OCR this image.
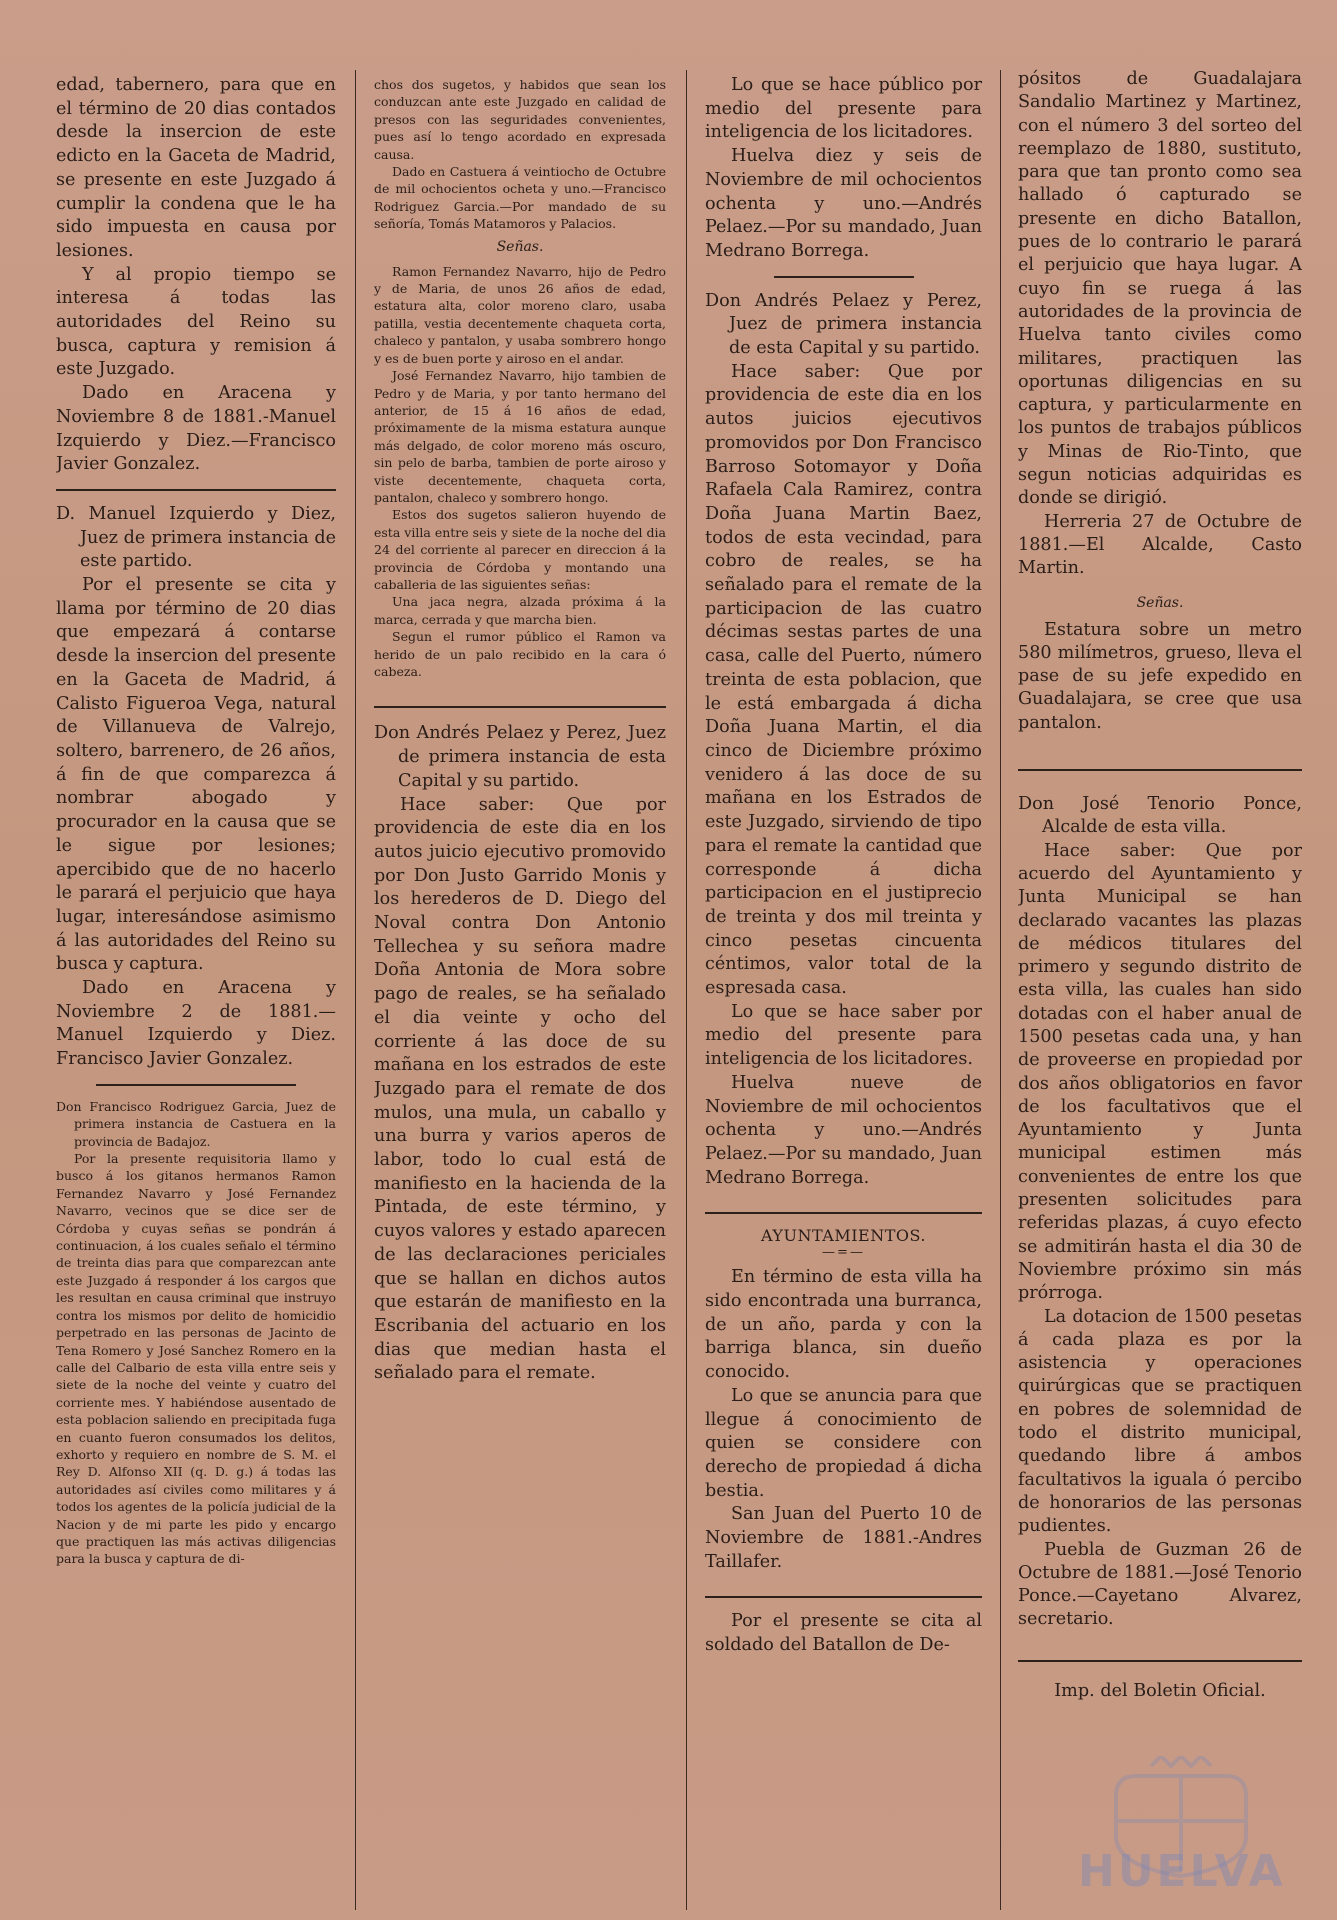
edad, tabernero, para que en el término de 20 dias contados desde la insercion de este edicto en la Gaceta de Madrid, se presente en este Juzgado á cumplir la condena que le ha sido impuesta en causa por lesiones.

Y al propio tiempo se interesa á todas las autoridades del Reino su busca, captura y remision á este Juzgado.

Dado en Aracena y Noviembre 8 de 1881.-Manuel Izquierdo y Diez.—Francisco Javier Gonzalez.

D. Manuel Izquierdo y Diez, Juez de primera instancia de este partido.

Por el presente se cita y llama por término de 20 dias que empezará á contarse desde la insercion del presente en la Gaceta de Madrid, á Calisto Figueroa Vega, natural de Villanueva de Valrejo, soltero, barrenero, de 26 años, á fin de que comparezca á nombrar abogado y procurador en la causa que se le sigue por lesiones; apercibido que de no hacerlo le parará el perjuicio que haya lugar, interesándose asimismo á las autoridades del Reino su busca y captura.

Dado en Aracena y Noviembre 2 de 1881.—Manuel Izquierdo y Diez. Francisco Javier Gonzalez.

Don Francisco Rodriguez Garcia, Juez de primera instancia de Castuera en la provincia de Badajoz.

Por la presente requisitoria llamo y busco á los gitanos hermanos Ramon Fernandez Navarro y José Fernandez Navarro, vecinos que se dice ser de Córdoba y cuyas señas se pondrán á continuacion, á los cuales señalo el término de treinta dias para que comparezcan ante este Juzgado á responder á los cargos que les resultan en causa criminal que instruyo contra los mismos por delito de homicidio perpetrado en las personas de Jacinto de Tena Romero y José Sanchez Romero en la calle del Calbario de esta villa entre seis y siete de la noche del veinte y cuatro del corriente mes. Y habiéndose ausentado de esta poblacion saliendo en precipitada fuga en cuanto fueron consumados los delitos, exhorto y requiero en nombre de S. M. el Rey D. Alfonso XII (q. D. g.) á todas las autoridades así civiles como militares y á todos los agentes de la policía judicial de la Nacion y de mi parte les pido y encargo que practiquen las más activas diligencias para la busca y captura de di-

chos dos sugetos, y habidos que sean los conduzcan ante este Juzgado en calidad de presos con las seguridades convenientes, pues así lo tengo acordado en expresada causa.

Dado en Castuera á veintiocho de Octubre de mil ochocientos ocheta y uno.—Francisco Rodriguez Garcia.—Por mandado de su señoría, Tomás Matamoros y Palacios.

Señas.

Ramon Fernandez Navarro, hijo de Pedro y de Maria, de unos 26 años de edad, estatura alta, color moreno claro, usaba patilla, vestia decentemente chaqueta corta, chaleco y pantalon, y usaba sombrero hongo y es de buen porte y airoso en el andar.

José Fernandez Navarro, hijo tambien de Pedro y de Maria, y por tanto hermano del anterior, de 15 á 16 años de edad, próximamente de la misma estatura aunque más delgado, de color moreno más oscuro, sin pelo de barba, tambien de porte airoso y viste decentemente, chaqueta corta, pantalon, chaleco y sombrero hongo.

Estos dos sugetos salieron huyendo de esta villa entre seis y siete de la noche del dia 24 del corriente al parecer en direccion á la provincia de Córdoba y montando una caballeria de las siguientes señas:

Una jaca negra, alzada próxima á la marca, cerrada y que marcha bien.

Segun el rumor público el Ramon va herido de un palo recibido en la cara ó cabeza.

Don Andrés Pelaez y Perez, Juez de primera instancia de esta Capital y su partido.

Hace saber: Que por providencia de este dia en los autos juicio ejecutivo promovido por Don Justo Garrido Monis y los herederos de D. Diego del Noval contra Don Antonio Tellechea y su señora madre Doña Antonia de Mora sobre pago de reales, se ha señalado el dia veinte y ocho del corriente á las doce de su mañana en los estrados de este Juzgado para el remate de dos mulos, una mula, un caballo y una burra y varios aperos de labor, todo lo cual está de manifiesto en la hacienda de la Pintada, de este término, y cuyos valores y estado aparecen de las declaraciones periciales que se hallan en dichos autos que estarán de manifiesto en la Escribania del actuario en los dias que median hasta el señalado para el remate.

Lo que se hace público por medio del presente para inteligencia de los licitadores.

Huelva diez y seis de Noviembre de mil ochocientos ochenta y uno.—Andrés Pelaez.—Por su mandado, Juan Medrano Borrega.

Don Andrés Pelaez y Perez, Juez de primera instancia de esta Capital y su partido.

Hace saber: Que por providencia de este dia en los autos juicios ejecutivos promovidos por Don Francisco Barroso Sotomayor y Doña Rafaela Cala Ramirez, contra Doña Juana Martin Baez, todos de esta vecindad, para cobro de reales, se ha señalado para el remate de la participacion de las cuatro décimas sestas partes de una casa, calle del Puerto, número treinta de esta poblacion, que le está embargada á dicha Doña Juana Martin, el dia cinco de Diciembre próximo venidero á las doce de su mañana en los Estrados de este Juzgado, sirviendo de tipo para el remate la cantidad que corresponde á dicha participacion en el justiprecio de treinta y dos mil treinta y cinco pesetas cincuenta céntimos, valor total de la espresada casa.

Lo que se hace saber por medio del presente para inteligencia de los licitadores.

Huelva nueve de Noviembre de mil ochocientos ochenta y uno.—Andrés Pelaez.—Por su mandado, Juan Medrano Borrega.

AYUNTAMIENTOS.

—=—

En término de esta villa ha sido encontrada una burranca, de un año, parda y con la barriga blanca, sin dueño conocido.

Lo que se anuncia para que llegue á conocimiento de quien se considere con derecho de propiedad á dicha bestia.

San Juan del Puerto 10 de Noviembre de 1881.-Andres Taillafer.

Por el presente se cita al soldado del Batallon de De-

pósitos de Guadalajara Sandalio Martinez y Martinez, con el número 3 del sorteo del reemplazo de 1880, sustituto, para que tan pronto como sea hallado ó capturado se presente en dicho Batallon, pues de lo contrario le parará el perjuicio que haya lugar. A cuyo fin se ruega á las autoridades de la provincia de Huelva tanto civiles como militares, practiquen las oportunas diligencias en su captura, y particularmente en los puntos de trabajos públicos y Minas de Rio-Tinto, que segun noticias adquiridas es donde se dirigió.

Herreria 27 de Octubre de 1881.—El Alcalde, Casto Martin.

Señas.

Estatura sobre un metro 580 milímetros, grueso, lleva el pase de su jefe expedido en Guadalajara, se cree que usa pantalon.

Don José Tenorio Ponce, Alcalde de esta villa.

Hace saber: Que por acuerdo del Ayuntamiento y Junta Municipal se han declarado vacantes las plazas de médicos titulares del primero y segundo distrito de esta villa, las cuales han sido dotadas con el haber anual de 1500 pesetas cada una, y han de proveerse en propiedad por dos años obligatorios en favor de los facultativos que el Ayuntamiento y Junta municipal estimen más convenientes de entre los que presenten solicitudes para referidas plazas, á cuyo efecto se admitirán hasta el dia 30 de Noviembre próximo sin más prórroga.

La dotacion de 1500 pesetas á cada plaza es por la asistencia y operaciones quirúrgicas que se practiquen en pobres de solemnidad de todo el distrito municipal, quedando libre á ambos facultativos la iguala ó percibo de honorarios de las personas pudientes.

Puebla de Guzman 26 de Octubre de 1881.—José Tenorio Ponce.—Cayetano Alvarez, secretario.

Imp. del Boletin Oficial.

HUELVA
